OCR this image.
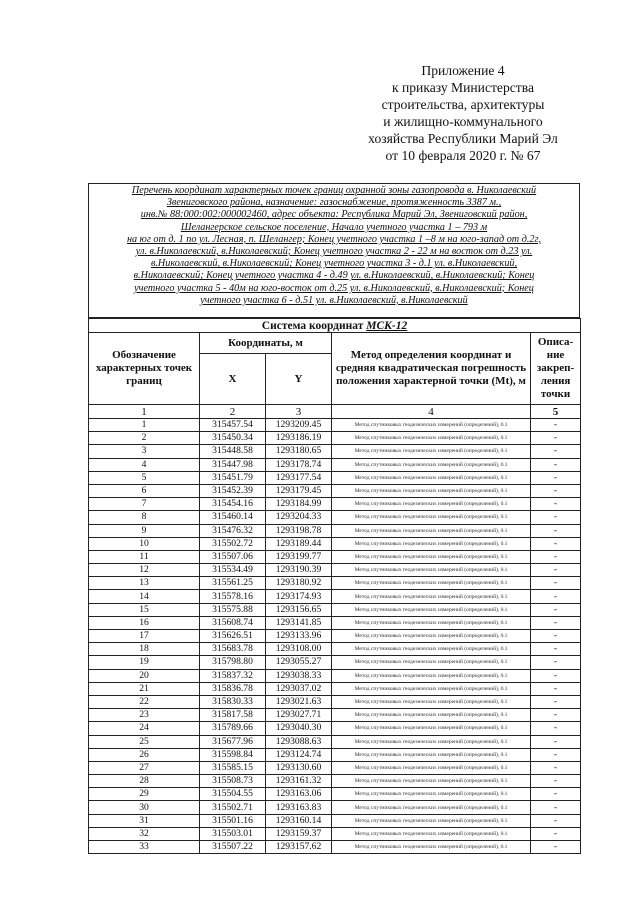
Приложение 4
к приказу Министерства
строительства, архитектуры
и жилищно-коммунального
хозяйства Республики Марий Эл
от 10 февраля 2020 г. № 67
Перечень координат характерных точек границ охранной зоны газопровода в. Николаевский
Звениговского района, назначение: газоснабжение, протяженность 3387 м.,
инв.№ 88:000:002:000002460, адрес объекта: Республика Марий Эл, Звениговский район,
Шелангерское сельское поселение, Начало учетного участка 1 – 793 м
на юг от д. 1 по ул. Лесная, п. Шелангер; Конец учетного участка 1 –8 м на юго-запад от д.2г,
ул. в.Николаевский, в.Николаевский; Конец учетного участка 2 - 22 м на восток от д.23 ул.
в.Николаевский, в.Николаевский; Конец учетного участка 3 - д.1 ул. в.Николаевский,
в.Николаевский; Конец учетного участка 4 - д.49 ул. в.Николаевский, в.Николаевский; Конец
учетного участка 5 - 40м на юго-восток от д.25 ул. в.Николаевский, в.Николаевский; Конец
учетного участка 6 - д.51 ул. в.Николаевский, в.Николаевский
Система координат МСК-12				
Обозначение характерных точек границ	Координаты, м		Метод определения координат и средняя квадратическая погрешность положения характерной точки (Mt), м	Описа-ние закреп-ления точки
	X	Y		
1	2	3	4	5
1	315457.54	1293209.45	Метод спутниковых геодезических измерений (определений), 0.1	-
2	315450.34	1293186.19	Метод спутниковых геодезических измерений (определений), 0.1	-
3	315448.58	1293180.65	Метод спутниковых геодезических измерений (определений), 0.1	-
4	315447.98	1293178.74	Метод спутниковых геодезических измерений (определений), 0.1	-
5	315451.79	1293177.54	Метод спутниковых геодезических измерений (определений), 0.1	-
6	315452.39	1293179.45	Метод спутниковых геодезических измерений (определений), 0.1	-
7	315454.16	1293184.99	Метод спутниковых геодезических измерений (определений), 0.1	-
8	315460.14	1293204.33	Метод спутниковых геодезических измерений (определений), 0.1	-
9	315476.32	1293198.78	Метод спутниковых геодезических измерений (определений), 0.1	-
10	315502.72	1293189.44	Метод спутниковых геодезических измерений (определений), 0.1	-
11	315507.06	1293199.77	Метод спутниковых геодезических измерений (определений), 0.1	-
12	315534.49	1293190.39	Метод спутниковых геодезических измерений (определений), 0.1	-
13	315561.25	1293180.92	Метод спутниковых геодезических измерений (определений), 0.1	-
14	315578.16	1293174.93	Метод спутниковых геодезических измерений (определений), 0.1	-
15	315575.88	1293156.65	Метод спутниковых геодезических измерений (определений), 0.1	-
16	315608.74	1293141.85	Метод спутниковых геодезических измерений (определений), 0.1	-
17	315626.51	1293133.96	Метод спутниковых геодезических измерений (определений), 0.1	-
18	315683.78	1293108.00	Метод спутниковых геодезических измерений (определений), 0.1	-
19	315798.80	1293055.27	Метод спутниковых геодезических измерений (определений), 0.1	-
20	315837.32	1293038.33	Метод спутниковых геодезических измерений (определений), 0.1	-
21	315836.78	1293037.02	Метод спутниковых геодезических измерений (определений), 0.1	-
22	315830.33	1293021.63	Метод спутниковых геодезических измерений (определений), 0.1	-
23	315817.58	1293027.71	Метод спутниковых геодезических измерений (определений), 0.1	-
24	315789.66	1293040.30	Метод спутниковых геодезических измерений (определений), 0.1	-
25	315677.96	1293088.63	Метод спутниковых геодезических измерений (определений), 0.1	-
26	315598.84	1293124.74	Метод спутниковых геодезических измерений (определений), 0.1	-
27	315585.15	1293130.60	Метод спутниковых геодезических измерений (определений), 0.1	-
28	315508.73	1293161.32	Метод спутниковых геодезических измерений (определений), 0.1	-
29	315504.55	1293163.06	Метод спутниковых геодезических измерений (определений), 0.1	-
30	315502.71	1293163.83	Метод спутниковых геодезических измерений (определений), 0.1	-
31	315501.16	1293160.14	Метод спутниковых геодезических измерений (определений), 0.1	-
32	315503.01	1293159.37	Метод спутниковых геодезических измерений (определений), 0.1	-
33	315507.22	1293157.62	Метод спутниковых геодезических измерений (определений), 0.1	-
